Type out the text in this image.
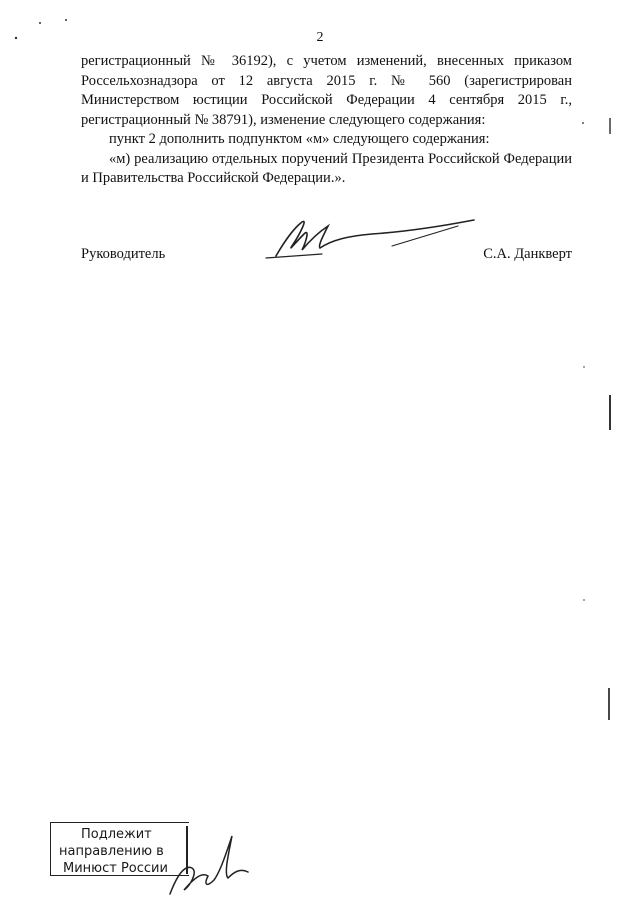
2

регистрационный № 36192), с учетом изменений, внесенных приказом Россельхознадзора от 12 августа 2015 г. № 560 (зарегистрирован Министерством юстиции Российской Федерации 4 сентября 2015 г., регистрационный № 38791), изменение следующего содержания:

пункт 2 дополнить подпунктом «м» следующего содержания:

«м) реализацию отдельных поручений Президента Российской Федерации и Правительства Российской Федерации.».

Руководитель	С.А. Данкверт
Подлежит
направлению в
Минюст России
